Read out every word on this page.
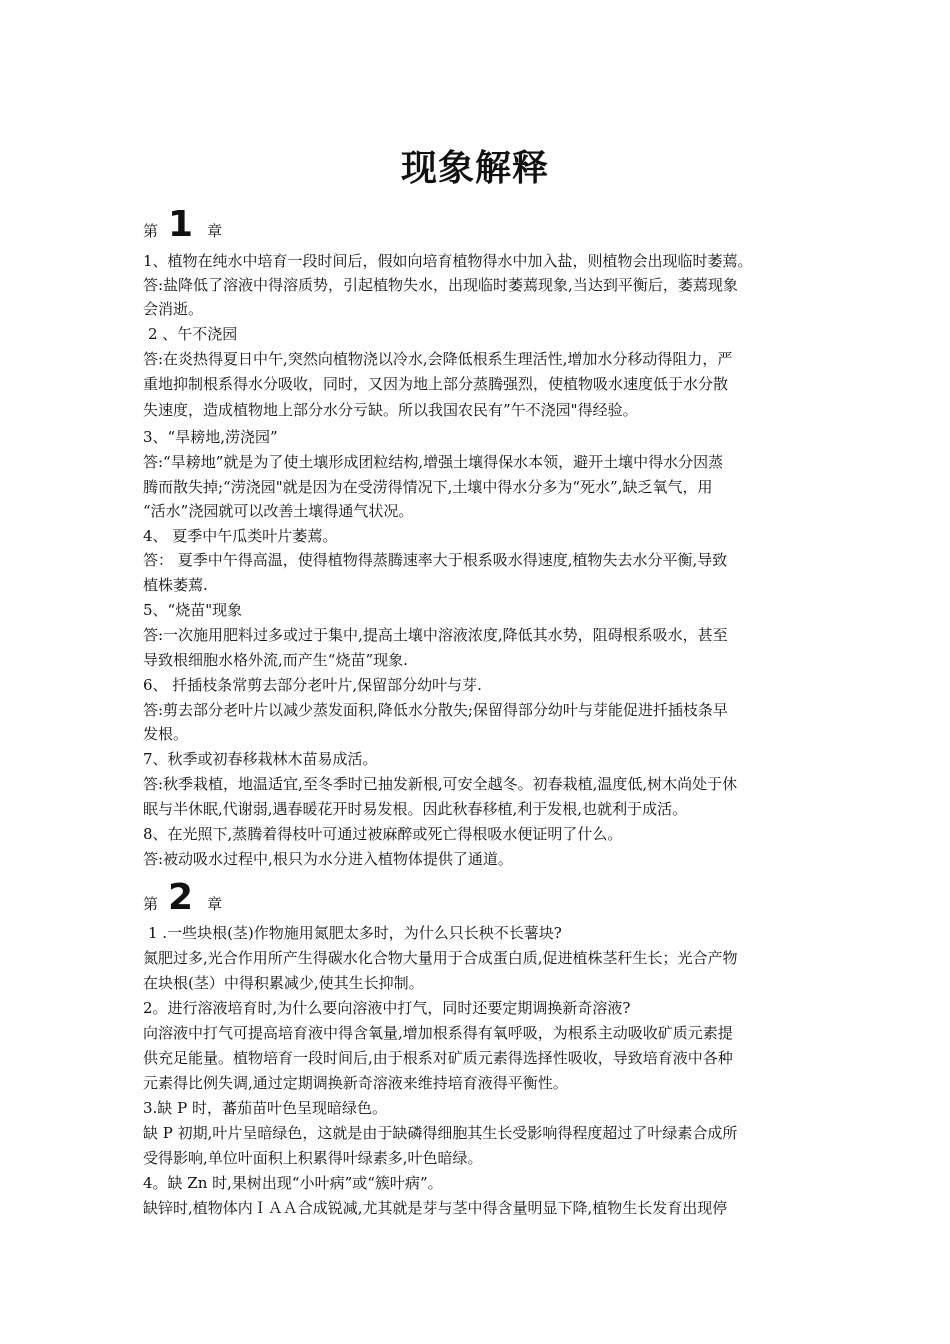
现象解释
第 1 章
1、植物在纯水中培育一段时间后，假如向培育植物得水中加入盐，则植物会出现临时萎蔫。
答:盐降低了溶液中得溶质势，引起植物失水，出现临时萎蔫现象,当达到平衡后，萎蔫现象
会消逝。
2 、午不浇园
答:在炎热得夏日中午,突然向植物浇以冷水,会降低根系生理活性,增加水分移动得阻力，严
重地抑制根系得水分吸收，同时，又因为地上部分蒸腾强烈，使植物吸水速度低于水分散
失速度，造成植物地上部分水分亏缺。所以我国农民有”午不浇园"得经验。
3、“旱耪地,涝浇园”
答:“旱耪地”就是为了使土壤形成团粒结构,增强土壤得保水本领，避开土壤中得水分因蒸
腾而散失掉;“涝浇园"就是因为在受涝得情况下,土壤中得水分多为“死水”,缺乏氧气，用
“活水”浇园就可以改善土壤得通气状况。
4、 夏季中午瓜类叶片萎蔫。
答： 夏季中午得高温，使得植物得蒸腾速率大于根系吸水得速度,植物失去水分平衡,导致
植株萎蔫.
5、“烧苗"现象
答:一次施用肥料过多或过于集中,提高土壤中溶液浓度,降低其水势，阻碍根系吸水，甚至
导致根细胞水格外流,而产生“烧苗”现象.
6、 扦插枝条常剪去部分老叶片,保留部分幼叶与芽.
答:剪去部分老叶片以减少蒸发面积,降低水分散失;保留得部分幼叶与芽能促进扦插枝条早
发根。
7、秋季或初春移栽林木苗易成活。
答:秋季栽植，地温适宜,至冬季时已抽发新根,可安全越冬。初春栽植,温度低,树木尚处于休
眠与半休眠,代谢弱,遇春暖花开时易发根。因此秋春移植,利于发根,也就利于成活。
8、在光照下,蒸腾着得枝叶可通过被麻醉或死亡得根吸水便证明了什么。
答:被动吸水过程中,根只为水分进入植物体提供了通道。
第 2 章
1 .一些块根(茎)作物施用氮肥太多时，为什么只长秧不长薯块?
氮肥过多,光合作用所产生得碳水化合物大量用于合成蛋白质,促进植株茎秆生长；光合产物
在块根(茎）中得积累减少,使其生长抑制。
2。进行溶液培育时,为什么要向溶液中打气，同时还要定期调换新奇溶液?
向溶液中打气可提高培育液中得含氧量,增加根系得有氧呼吸，为根系主动吸收矿质元素提
供充足能量。植物培育一段时间后,由于根系对矿质元素得选择性吸收，导致培育液中各种
元素得比例失调,通过定期调换新奇溶液来维持培育液得平衡性。
3.缺 P 时，蕃茄苗叶色呈现暗绿色。
缺 P 初期,叶片呈暗绿色，这就是由于缺磷得细胞其生长受影响得程度超过了叶绿素合成所
受得影响,单位叶面积上积累得叶绿素多,叶色暗绿。
4。缺 Zn 时,果树出现“小叶病”或“簇叶病”。
缺锌时,植物体内ＩＡＡ合成锐减,尤其就是芽与茎中得含量明显下降,植物生长发育出现停
